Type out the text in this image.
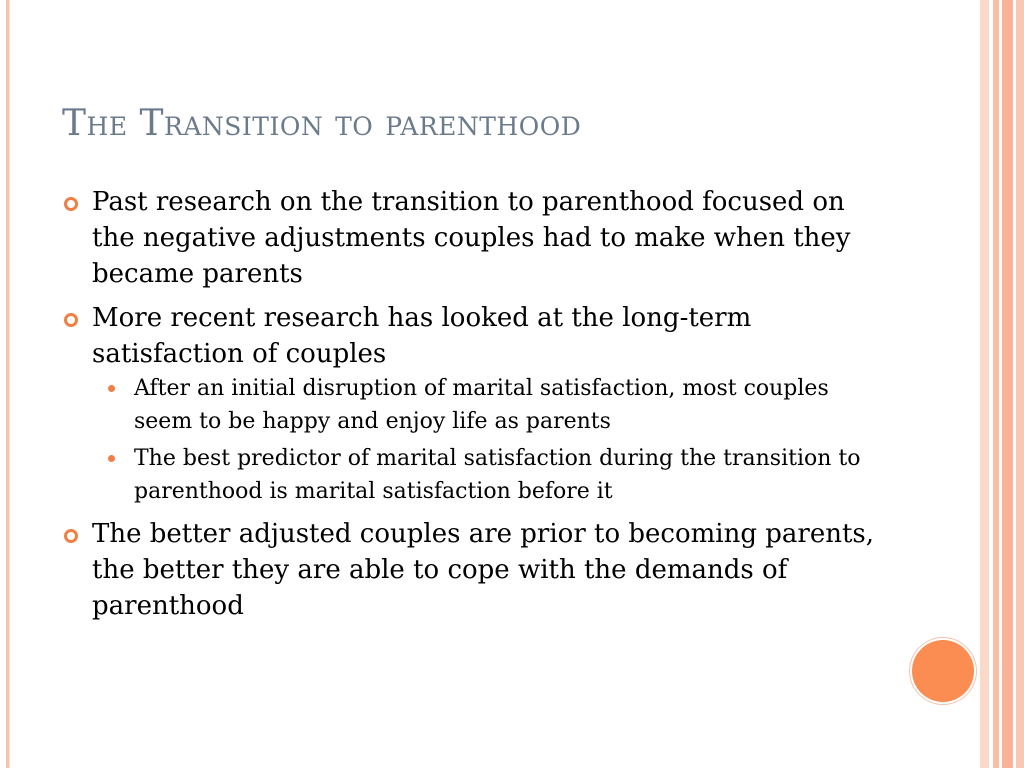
The Transition to parenthood
Past research on the transition to parenthood focused on the negative adjustments couples had to make when they became parents
More recent research has looked at the long-term satisfaction of couples
After an initial disruption of marital satisfaction, most couples seem to be happy and enjoy life as parents
The best predictor of marital satisfaction during the transition to parenthood is marital satisfaction before it
The better adjusted couples are prior to becoming parents, the better they are able to cope with the demands of parenthood
